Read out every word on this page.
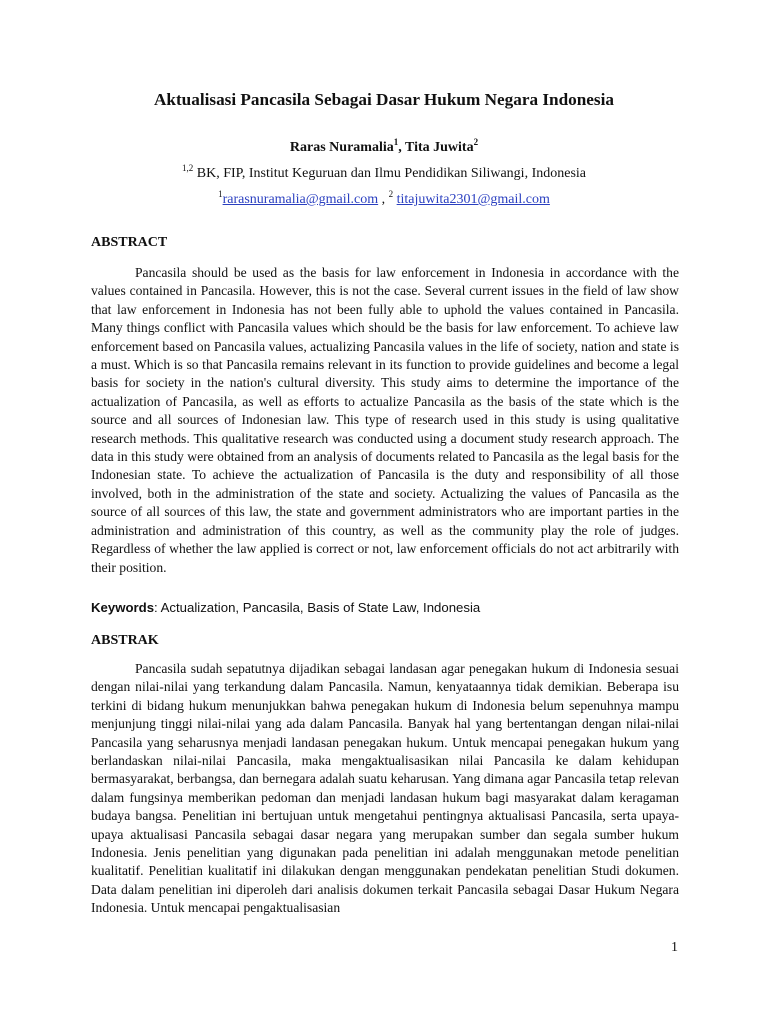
Aktualisasi Pancasila Sebagai Dasar Hukum Negara Indonesia
Raras Nuramalia$^1$, Tita Juwita$^2$
$^{1,2}$ BK, FIP, Institut Keguruan dan Ilmu Pendidikan Siliwangi, Indonesia
$^1$rarasnuramalia@gmail.com , $^2$ titajuwita2301@gmail.com
ABSTRACT

Pancasila should be used as the basis for law enforcement in Indonesia in accordance with the values contained in Pancasila. However, this is not the case. Several current issues in the field of law show that law enforcement in Indonesia has not been fully able to uphold the values contained in Pancasila. Many things conflict with Pancasila values which should be the basis for law enforcement. To achieve law enforcement based on Pancasila values, actualizing Pancasila values in the life of society, nation and state is a must. Which is so that Pancasila remains relevant in its function to provide guidelines and become a legal basis for society in the nation's cultural diversity. This study aims to determine the importance of the actualization of Pancasila, as well as efforts to actualize Pancasila as the basis of the state which is the source and all sources of Indonesian law. This type of research used in this study is using qualitative research methods. This qualitative research was conducted using a document study research approach. The data in this study were obtained from an analysis of documents related to Pancasila as the legal basis for the Indonesian state. To achieve the actualization of Pancasila is the duty and responsibility of all those involved, both in the administration of the state and society. Actualizing the values of Pancasila as the source of all sources of this law, the state and government administrators who are important parties in the administration and administration of this country, as well as the community play the role of judges. Regardless of whether the law applied is correct or not, law enforcement officials do not act arbitrarily with their position.

Keywords: Actualization, Pancasila, Basis of State Law, Indonesia
ABSTRAK

Pancasila sudah sepatutnya dijadikan sebagai landasan agar penegakan hukum di Indonesia sesuai dengan nilai-nilai yang terkandung dalam Pancasila. Namun, kenyataannya tidak demikian. Beberapa isu terkini di bidang hukum menunjukkan bahwa penegakan hukum di Indonesia belum sepenuhnya mampu menjunjung tinggi nilai-nilai yang ada dalam Pancasila. Banyak hal yang bertentangan dengan nilai-nilai Pancasila yang seharusnya menjadi landasan penegakan hukum. Untuk mencapai penegakan hukum yang berlandaskan nilai-nilai Pancasila, maka mengaktualisasikan nilai Pancasila ke dalam kehidupan bermasyarakat, berbangsa, dan bernegara adalah suatu keharusan. Yang dimana agar Pancasila tetap relevan dalam fungsinya memberikan pedoman dan menjadi landasan hukum bagi masyarakat dalam keragaman budaya bangsa. Penelitian ini bertujuan untuk mengetahui pentingnya aktualisasi Pancasila, serta upaya-upaya aktualisasi Pancasila sebagai dasar negara yang merupakan sumber dan segala sumber hukum Indonesia. Jenis penelitian yang digunakan pada penelitian ini adalah menggunakan metode penelitian kualitatif. Penelitian kualitatif ini dilakukan dengan menggunakan pendekatan penelitian Studi dokumen. Data dalam penelitian ini diperoleh dari analisis dokumen terkait Pancasila sebagai Dasar Hukum Negara Indonesia. Untuk mencapai pengaktualisasian

1
